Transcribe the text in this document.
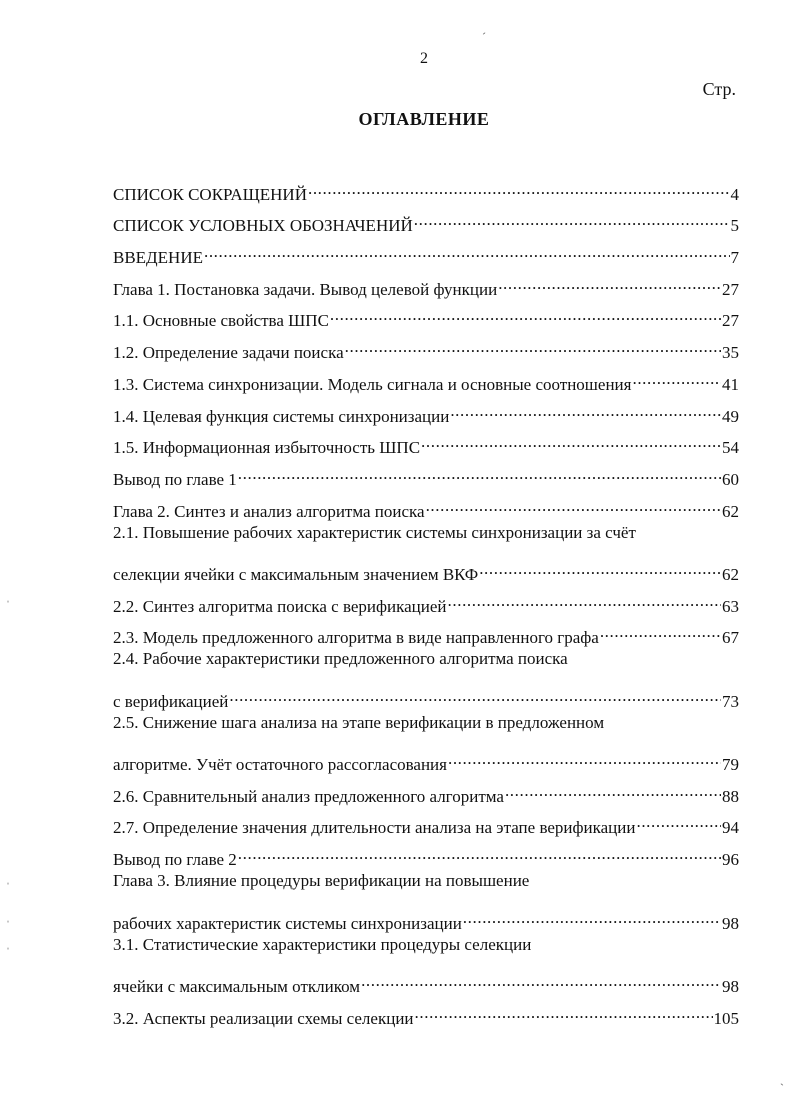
2
Стр.
ОГЛАВЛЕНИЕ
СПИСОК СОКРАЩЕНИЙ .....	4
СПИСОК УСЛОВНЫХ ОБОЗНАЧЕНИЙ .....	5
ВВЕДЕНИЕ .....	7
Глава 1. Постановка задачи. Вывод целевой функции .....	27
1.1. Основные свойства ШПС .....	27
1.2. Определение задачи поиска .....	35
1.3. Система синхронизации. Модель сигнала и основные соотношения .....	41
1.4. Целевая функция системы синхронизации .....	49
1.5. Информационная избыточность ШПС .....	54
Вывод по главе 1 .....	60
Глава 2. Синтез и анализ алгоритма поиска .....	62
2.1. Повышение рабочих характеристик системы синхронизации за счёт
селекции ячейки с максимальным значением ВКФ .....	62
2.2. Синтез алгоритма поиска с верификацией .....	63
2.3. Модель предложенного алгоритма в виде направленного графа .....	67
2.4. Рабочие характеристики предложенного алгоритма поиска
с верификацией .....	73
2.5. Снижение шага анализа на этапе верификации в предложенном
алгоритме. Учёт остаточного рассогласования .....	79
2.6. Сравнительный анализ предложенного алгоритма .....	88
2.7. Определение значения длительности анализа на этапе верификации .....	94
Вывод по главе 2 .....	96
Глава 3. Влияние процедуры верификации на повышение
рабочих характеристик системы синхронизации .....	98
3.1. Статистические характеристики процедуры селекции
ячейки с максимальным откликом .....	98
3.2. Аспекты реализации схемы селекции .....	105
ˊ
ˈ
ˈ
ˈ
ˈ
ˏ
